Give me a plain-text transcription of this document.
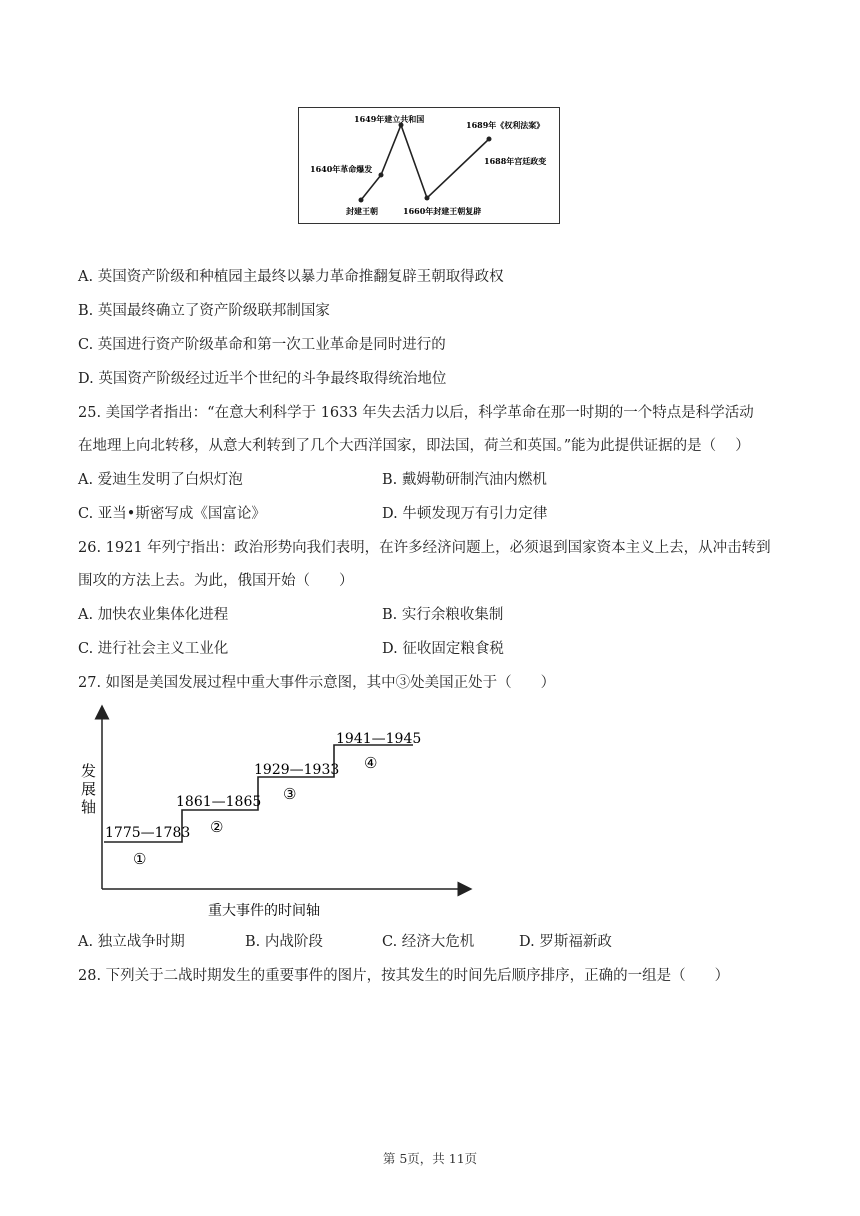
封建王朝
1640年革命爆发
1649年建立共和国
1660年封建王朝复辟
1688年宫廷政变
1689年《权利法案》
A. 英国资产阶级和种植园主最终以暴力革命推翻复辟王朝取得政权
B. 英国最终确立了资产阶级联邦制国家
C. 英国进行资产阶级革命和第一次工业革命是同时进行的
D. 英国资产阶级经过近半个世纪的斗争最终取得统治地位
25. 美国学者指出：“在意大利科学于 1633 年失去活力以后，科学革命在那一时期的一个特点是科学活动
在地理上向北转移，从意大利转到了几个大西洋国家，即法国，荷兰和英国。”能为此提供证据的是（　 ）
A. 爱迪生发明了白炽灯泡	B. 戴姆勒研制汽油内燃机
C. 亚当•斯密写成《国富论》	D. 牛顿发现万有引力定律
26. 1921 年列宁指出：政治形势向我们表明，在许多经济问题上，必须退到国家资本主义上去，从冲击转到
围攻的方法上去。为此，俄国开始（　　）
A. 加快农业集体化进程	B. 实行余粮收集制
C. 进行社会主义工业化	D. 征收固定粮食税
27. 如图是美国发展过程中重大事件示意图，其中③处美国正处于（　　）
发
展
轴
重大事件的时间轴
1775—1783
①
1861—1865
②
1929—1933
③
1941—1945
④
A. 独立战争时期	B. 内战阶段	C. 经济大危机	D. 罗斯福新政
28. 下列关于二战时期发生的重要事件的图片，按其发生的时间先后顺序排序，正确的一组是（　　）
第 5页，共 11页
